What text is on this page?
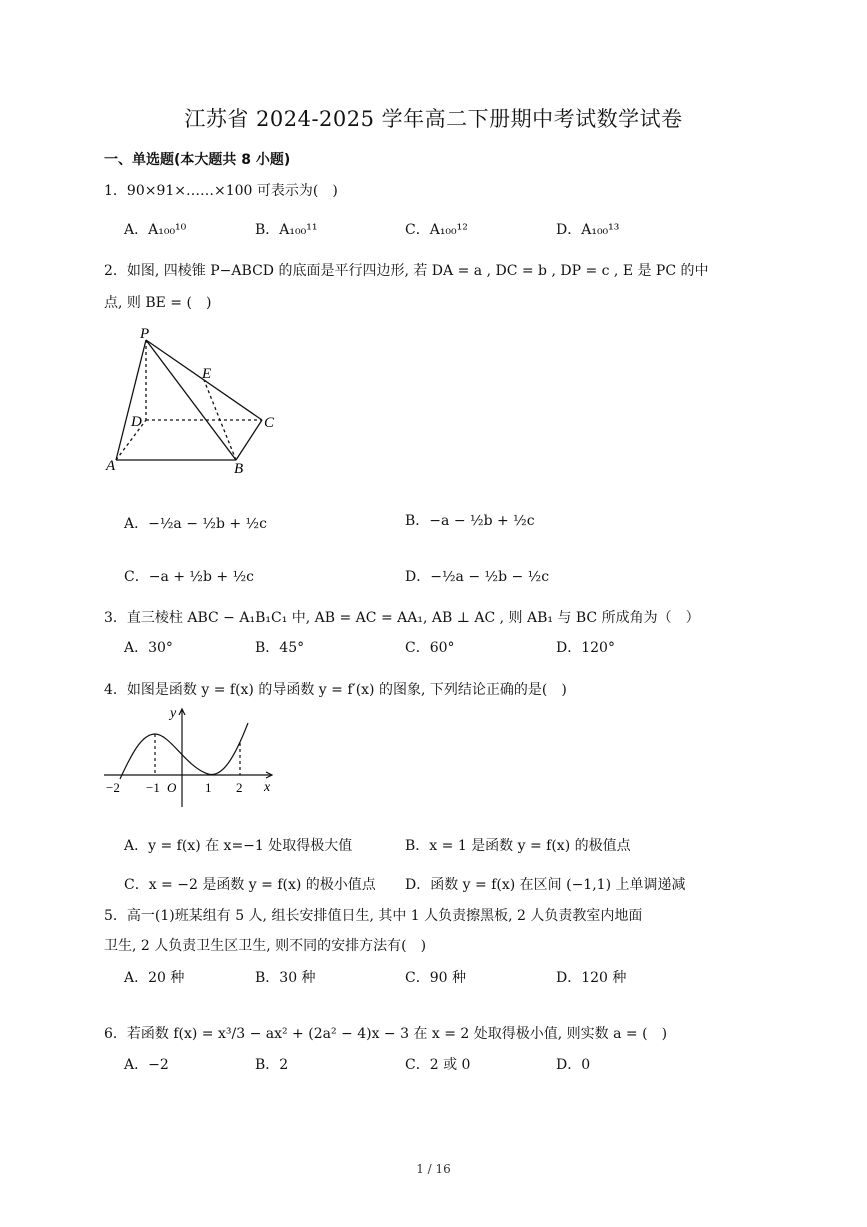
江苏省 2024-2025 学年高二下册期中考试数学试卷
一、单选题(本大题共 8 小题)
1．90×91×……×100 可表示为(　)
A．A₁₀₀¹⁰	B．A₁₀₀¹¹	C．A₁₀₀¹²	D．A₁₀₀¹³
2．如图, 四棱锥 P−ABCD 的底面是平行四边形, 若 DA = a , DC = b , DP = c , E 是 PC 的中
点, 则 BE = (　)
P
E
D	C
A	B
A．−½a − ½b + ½c	B．−a − ½b + ½c
C．−a + ½b + ½c	D．−½a − ½b − ½c
3．直三棱柱 ABC − A₁B₁C₁ 中, AB = AC = AA₁, AB ⊥ AC , 则 AB₁ 与 BC 所成角为（　）
A．30°	B．45°	C．60°	D．120°
4．如图是函数 y = f(x) 的导函数 y = f′(x) 的图象, 下列结论正确的是(　)
y
x
O
−2 −1	1 2
A．y = f(x) 在 x=−1 处取得极大值	B．x = 1 是函数 y = f(x) 的极值点
C．x = −2 是函数 y = f(x) 的极小值点 D．函数 y = f(x) 在区间 (−1,1) 上单调递减
5．高一(1)班某组有 5 人, 组长安排值日生, 其中 1 人负责擦黑板, 2 人负责教室内地面
卫生, 2 人负责卫生区卫生, 则不同的安排方法有(　)
A．20 种	B．30 种	C．90 种	D．120 种
6．若函数 f(x) = x³/3 − ax² + (2a² − 4)x − 3 在 x = 2 处取得极小值, 则实数 a = (　)
A．−2	B．2	C．2 或 0	D．0
1 / 16
